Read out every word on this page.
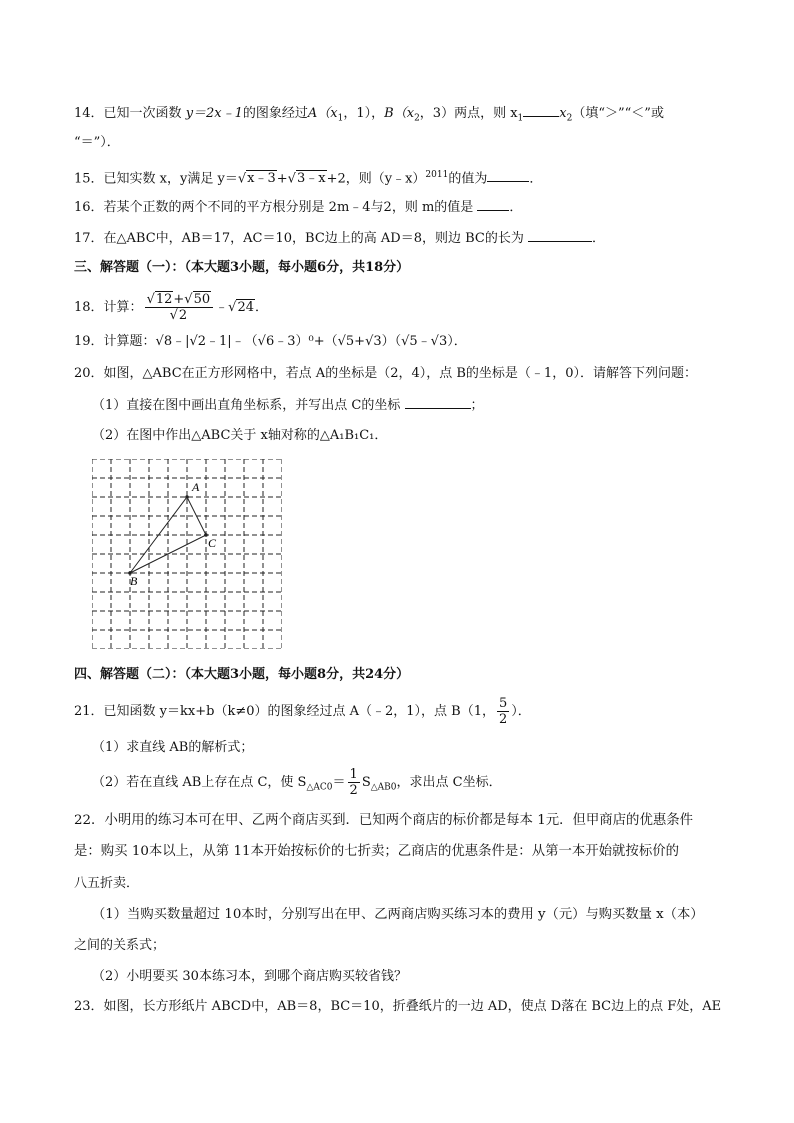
14．已知一次函数 y＝2x﹣1的图象经过$A(x_1$，1），$B(x_2$，3）两点，则 $x_1$	$x_2$（填“＞”“＜”或
“＝”）．
15．已知实数 x，y满足 y＝√x﹣3+√3﹣x+2，则（y﹣x）$^{2011}$的值为	．
16．若某个正数的两个不同的平方根分别是 2m﹣4与2，则 m的值是	．
17．在△ABC中，AB＝17，AC＝10，BC边上的高 AD＝8，则边 BC的长为	．
三、解答题（一）：（本大题3小题，每小题6分，共18分）
18．计算： $\frac{√12+√50}{√2}$ ﹣√24．
19．计算题：√8﹣|√2﹣1|﹣（√6﹣3）⁰+（√5+√3）（√5﹣√3）．
20．如图，△ABC在正方形网格中，若点 A的坐标是（2，4），点 B的坐标是（﹣1，0）．请解答下列问题：
（1）直接在图中画出直角坐标系，并写出点 C的坐标	；
（2）在图中作出△ABC关于 x轴对称的△A₁B₁C₁．
A
C
B
四、解答题（二）：（本大题3小题，每小题8分，共24分）
21．已知函数 y＝kx+b（k≠0）的图象经过点 A（﹣2，1），点 B（1， $\frac{5}{2}$ ）．
（1）求直线 AB的解析式；
（2）若在直线 AB上存在点 C，使 $S_{\triangle AC0}= \frac{1}{2} S_{\triangle AB0}$，求出点 C坐标．
22．小明用的练习本可在甲、乙两个商店买到．已知两个商店的标价都是每本 1元．但甲商店的优惠条件
是：购买 10本以上，从第 11本开始按标价的七折卖；乙商店的优惠条件是：从第一本开始就按标价的
八五折卖．
（1）当购买数量超过 10本时，分别写出在甲、乙两商店购买练习本的费用 y（元）与购买数量 x（本）
之间的关系式；
（2）小明要买 30本练习本，到哪个商店购买较省钱？
23．如图，长方形纸片 ABCD中，AB＝8，BC＝10，折叠纸片的一边 AD，使点 D落在 BC边上的点 F处，AE
